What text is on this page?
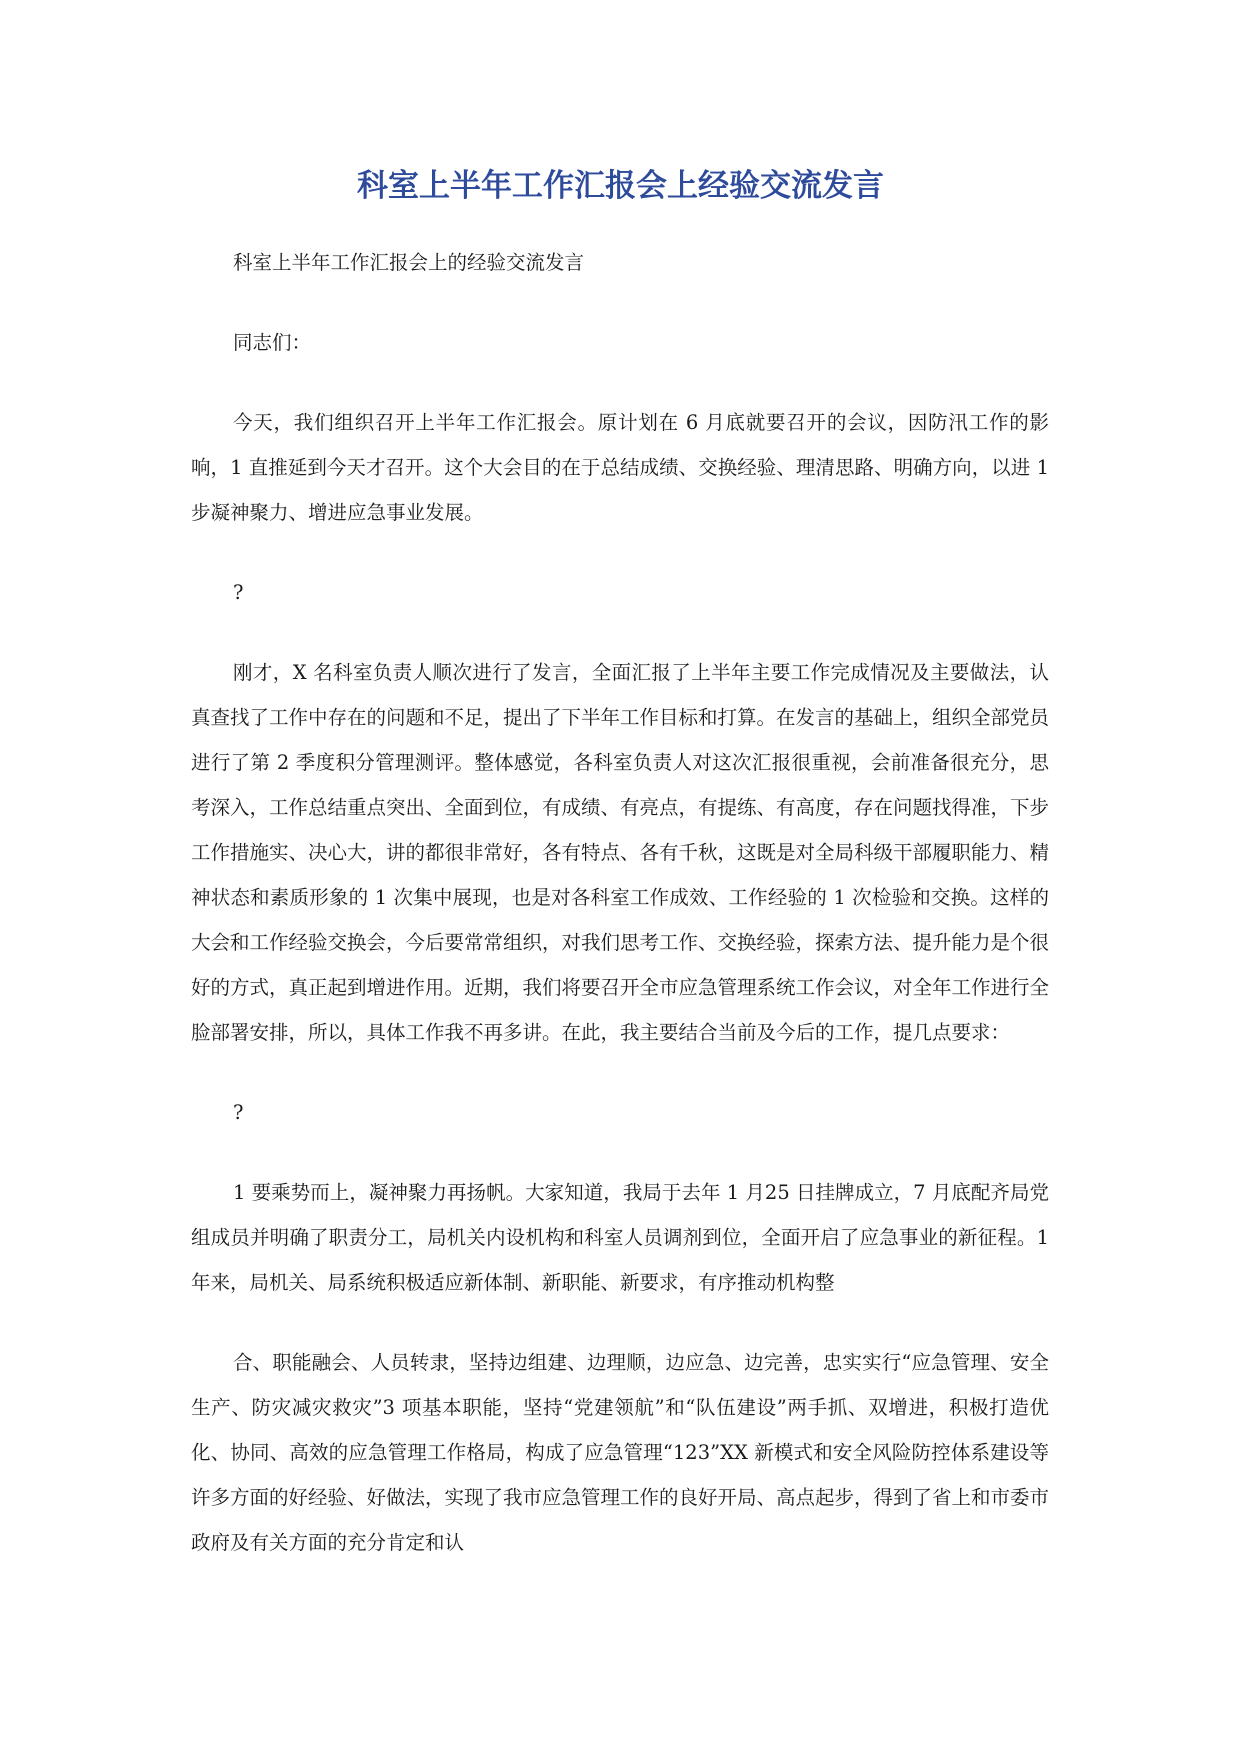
科室上半年工作汇报会上经验交流发言

科室上半年工作汇报会上的经验交流发言

同志们：

今天，我们组织召开上半年工作汇报会。原计划在 6 月底就要召开的会议，因防汛工作的影响，1 直推延到今天才召开。这个大会目的在于总结成绩、交换经验、理清思路、明确方向，以进 1 步凝神聚力、增进应急事业发展。

?

刚才，X 名科室负责人顺次进行了发言，全面汇报了上半年主要工作完成情况及主要做法，认真查找了工作中存在的问题和不足，提出了下半年工作目标和打算。在发言的基础上，组织全部党员进行了第 2 季度积分管理测评。整体感觉，各科室负责人对这次汇报很重视，会前准备很充分，思考深入，工作总结重点突出、全面到位，有成绩、有亮点，有提练、有高度，存在问题找得准，下步工作措施实、决心大，讲的都很非常好，各有特点、各有千秋，这既是对全局科级干部履职能力、精神状态和素质形象的 1 次集中展现，也是对各科室工作成效、工作经验的 1 次检验和交换。这样的大会和工作经验交换会，今后要常常组织，对我们思考工作、交换经验，探索方法、提升能力是个很好的方式，真正起到增进作用。近期，我们将要召开全市应急管理系统工作会议，对全年工作进行全脸部署安排，所以，具体工作我不再多讲。在此，我主要结合当前及今后的工作，提几点要求：

?

1 要乘势而上，凝神聚力再扬帆。大家知道，我局于去年 1 月25 日挂牌成立，7 月底配齐局党组成员并明确了职责分工，局机关内设机构和科室人员调剂到位，全面开启了应急事业的新征程。1 年来，局机关、局系统积极适应新体制、新职能、新要求，有序推动机构整

合、职能融会、人员转隶，坚持边组建、边理顺，边应急、边完善，忠实实行“应急管理、安全生产、防灾减灾救灾”3 项基本职能，坚持“党建领航”和“队伍建设”两手抓、双增进，积极打造优化、协同、高效的应急管理工作格局，构成了应急管理“123”XX 新模式和安全风险防控体系建设等许多方面的好经验、好做法，实现了我市应急管理工作的良好开局、高点起步，得到了省上和市委市政府及有关方面的充分肯定和认
